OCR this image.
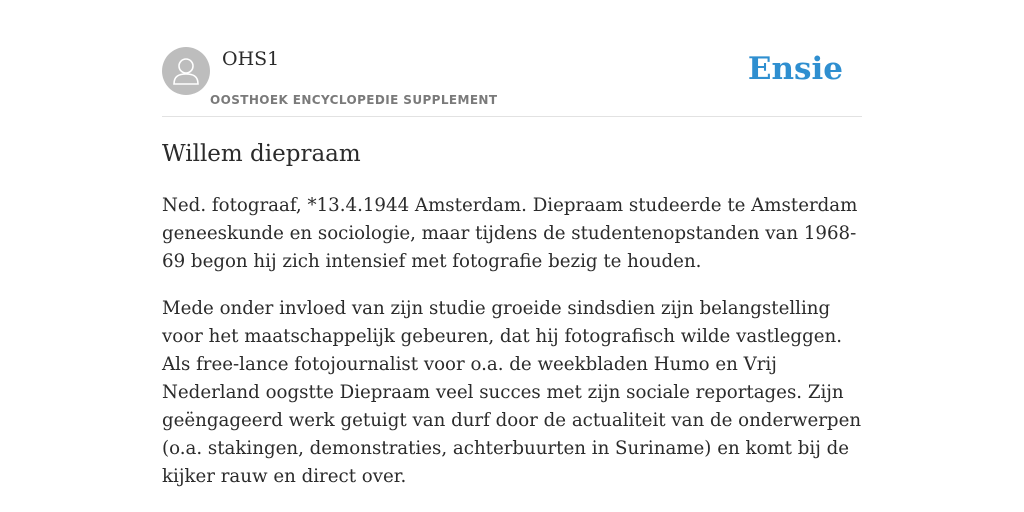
OHS1
OOSTHOEK ENCYCLOPEDIE SUPPLEMENT
Ensie
Willem diepraam

Ned. fotograaf, *13.4.1944 Amsterdam. Diepraam studeerde te Amsterdam geneeskunde en sociologie, maar tijdens de studentenopstanden van 1968-69 begon hij zich intensief met fotografie bezig te houden.

Mede onder invloed van zijn studie groeide sindsdien zijn belangstelling voor het maatschappelijk gebeuren, dat hij fotografisch wilde vastleggen. Als free-lance fotojournalist voor o.a. de weekbladen Humo en Vrij Nederland oogstte Diepraam veel succes met zijn sociale reportages. Zijn geëngageerd werk getuigt van durf door de actualiteit van de onderwerpen (o.a. stakingen, demonstraties, achterbuurten in Suriname) en komt bij de kijker rauw en direct over.
